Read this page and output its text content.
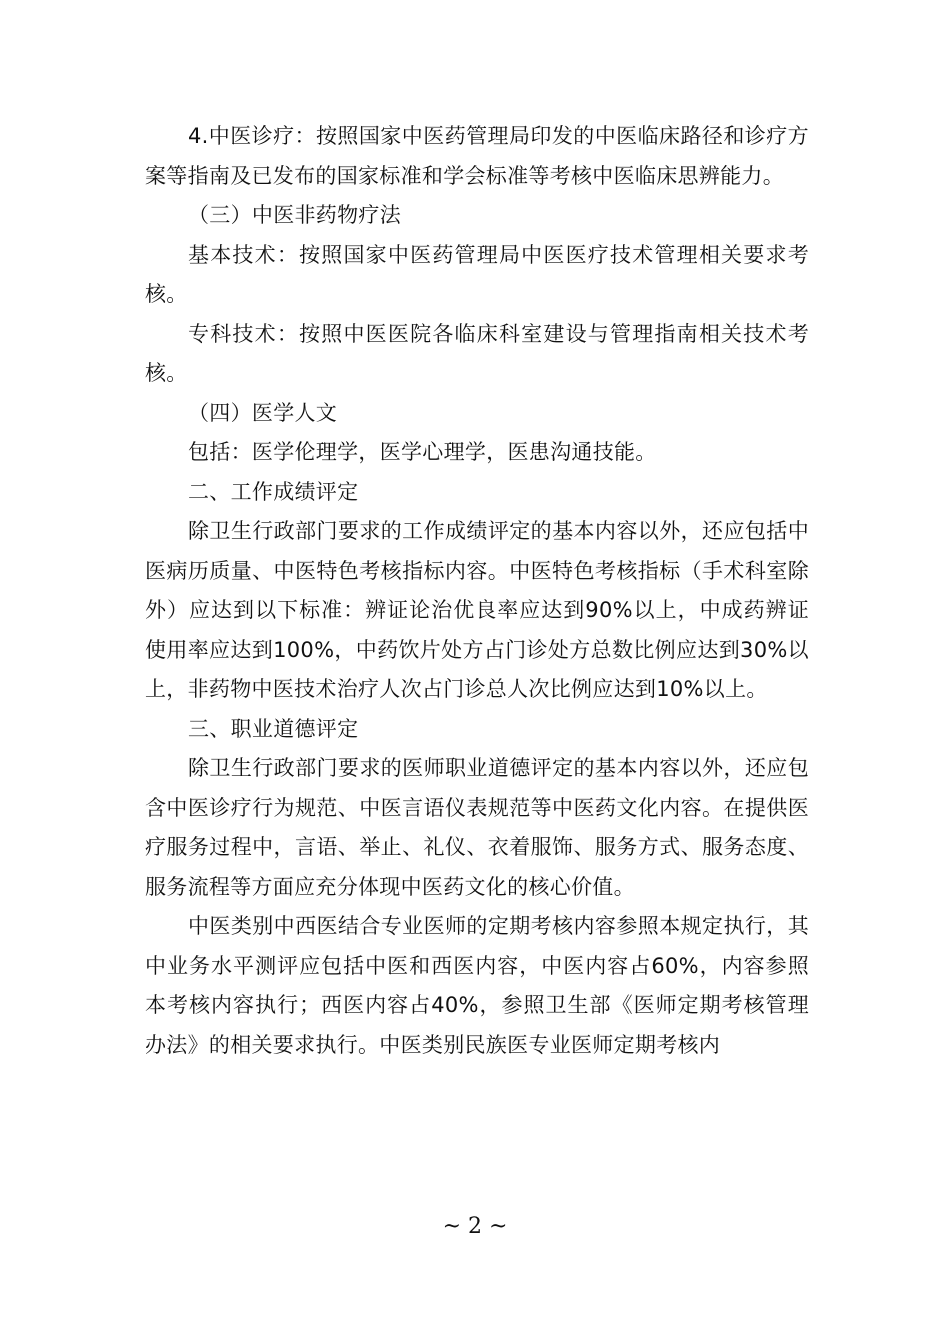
4.中医诊疗：按照国家中医药管理局印发的中医临床路径和诊疗方案等指南及已发布的国家标准和学会标准等考核中医临床思辨能力。

（三）中医非药物疗法

基本技术：按照国家中医药管理局中医医疗技术管理相关要求考核。

专科技术：按照中医医院各临床科室建设与管理指南相关技术考核。

（四）医学人文

包括：医学伦理学，医学心理学，医患沟通技能。

二、工作成绩评定

除卫生行政部门要求的工作成绩评定的基本内容以外，还应包括中医病历质量、中医特色考核指标内容。中医特色考核指标（手术科室除外）应达到以下标准：辨证论治优良率应达到90%以上，中成药辨证使用率应达到100%，中药饮片处方占门诊处方总数比例应达到30%以上，非药物中医技术治疗人次占门诊总人次比例应达到10%以上。

三、职业道德评定

除卫生行政部门要求的医师职业道德评定的基本内容以外，还应包含中医诊疗行为规范、中医言语仪表规范等中医药文化内容。在提供医疗服务过程中，言语、举止、礼仪、衣着服饰、服务方式、服务态度、服务流程等方面应充分体现中医药文化的核心价值。

中医类别中西医结合专业医师的定期考核内容参照本规定执行，其中业务水平测评应包括中医和西医内容，中医内容占60%，内容参照本考核内容执行；西医内容占40%，参照卫生部《医师定期考核管理办法》的相关要求执行。中医类别民族医专业医师定期考核内

~ 2 ~
